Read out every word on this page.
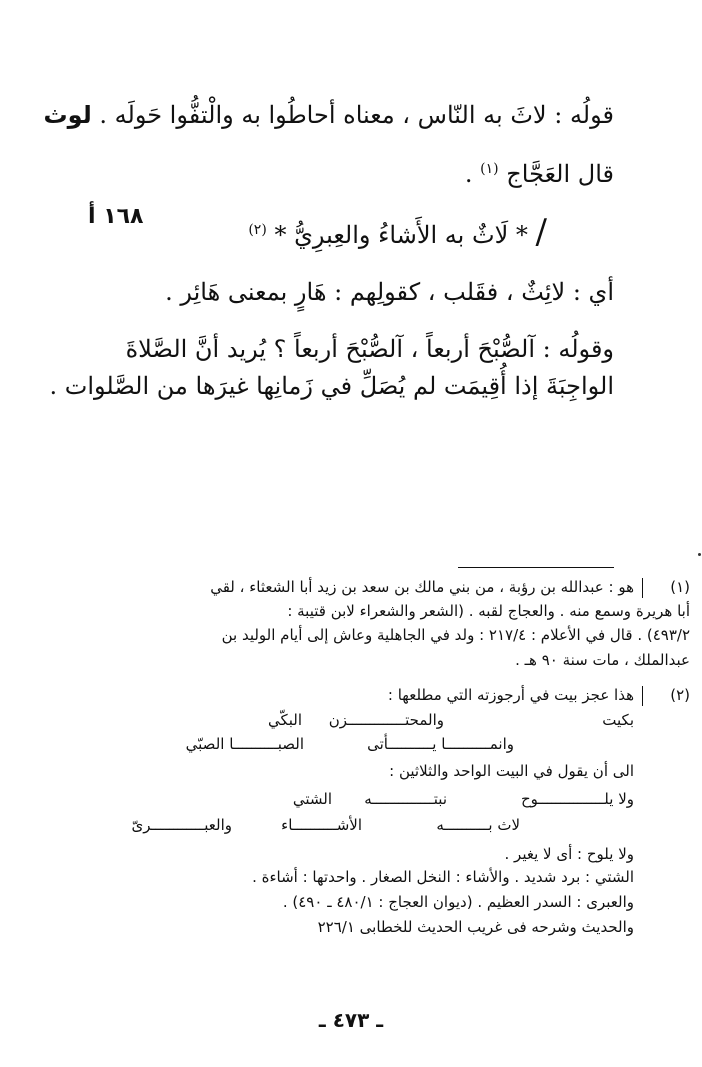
قولُه : لاثَ به النّاس ، معناه أحاطُوا به والْتفُّوا حَولَه . لوث
قال العَجَّاج $^{(١)}$ .
/ * لَاثٌ به الأَشاءُ والعِبرِيُّ * $^{(٢)}$
١٦٨ أ
أي : لائِثٌ ، فقَلب ، كقولِهم : هَارٍ بمعنى هَائِر .
وقولُه : آلصُّبْحَ أربعاً ، آلصُّبْحَ أربعاً ؟ يُريد أنَّ الصَّلاةَ
الواجِبَةَ إذا أُقِيمَت لم يُصَلِّ في زَمانِها غيرَها من الصَّلوات .
(١)
هو : عبدالله بن رؤبة ، من بني مالك بن سعد بن زيد أبا الشعثاء ، لقي
أبا هريرة وسمع منه . والعجاج لقبه . (الشعر والشعراء لابن قتيبة :
٤٩٣/٢) . قال في الأعلام : ٢١٧/٤ : ولد في الجاهلية وعاش إلى أيام الوليد بن
عبدالملك ، مات سنة ٩٠ هـ .
(٢)
هذا عجز بيت في أرجوزته التي مطلعها :
بكيت
والمحتـــــــــــــزن
البكّي
وانمــــــــــا يــــــــــأتى
الصبــــــــــا الصبّي
الى أن يقول في البيت الواحد والثلاثين :
ولا يلـــــــــــــــوح
نبتــــــــــــــه
الشتي
لاث بــــــــــه
الأشــــــــــاء
والعبــــــــــــرىّ
ولا يلوح : أى لا يغير .
الشتي : برد شديد . والأشاء : النخل الصغار . واحدتها : أشاءة .
والعبرى : السدر العظيم . (ديوان العجاج : ٤٨٠/١ ـ ٤٩٠) .
والحديث وشرحه فى غريب الحديث للخطابى ٢٢٦/١
ـ ٤٧٣ ـ
